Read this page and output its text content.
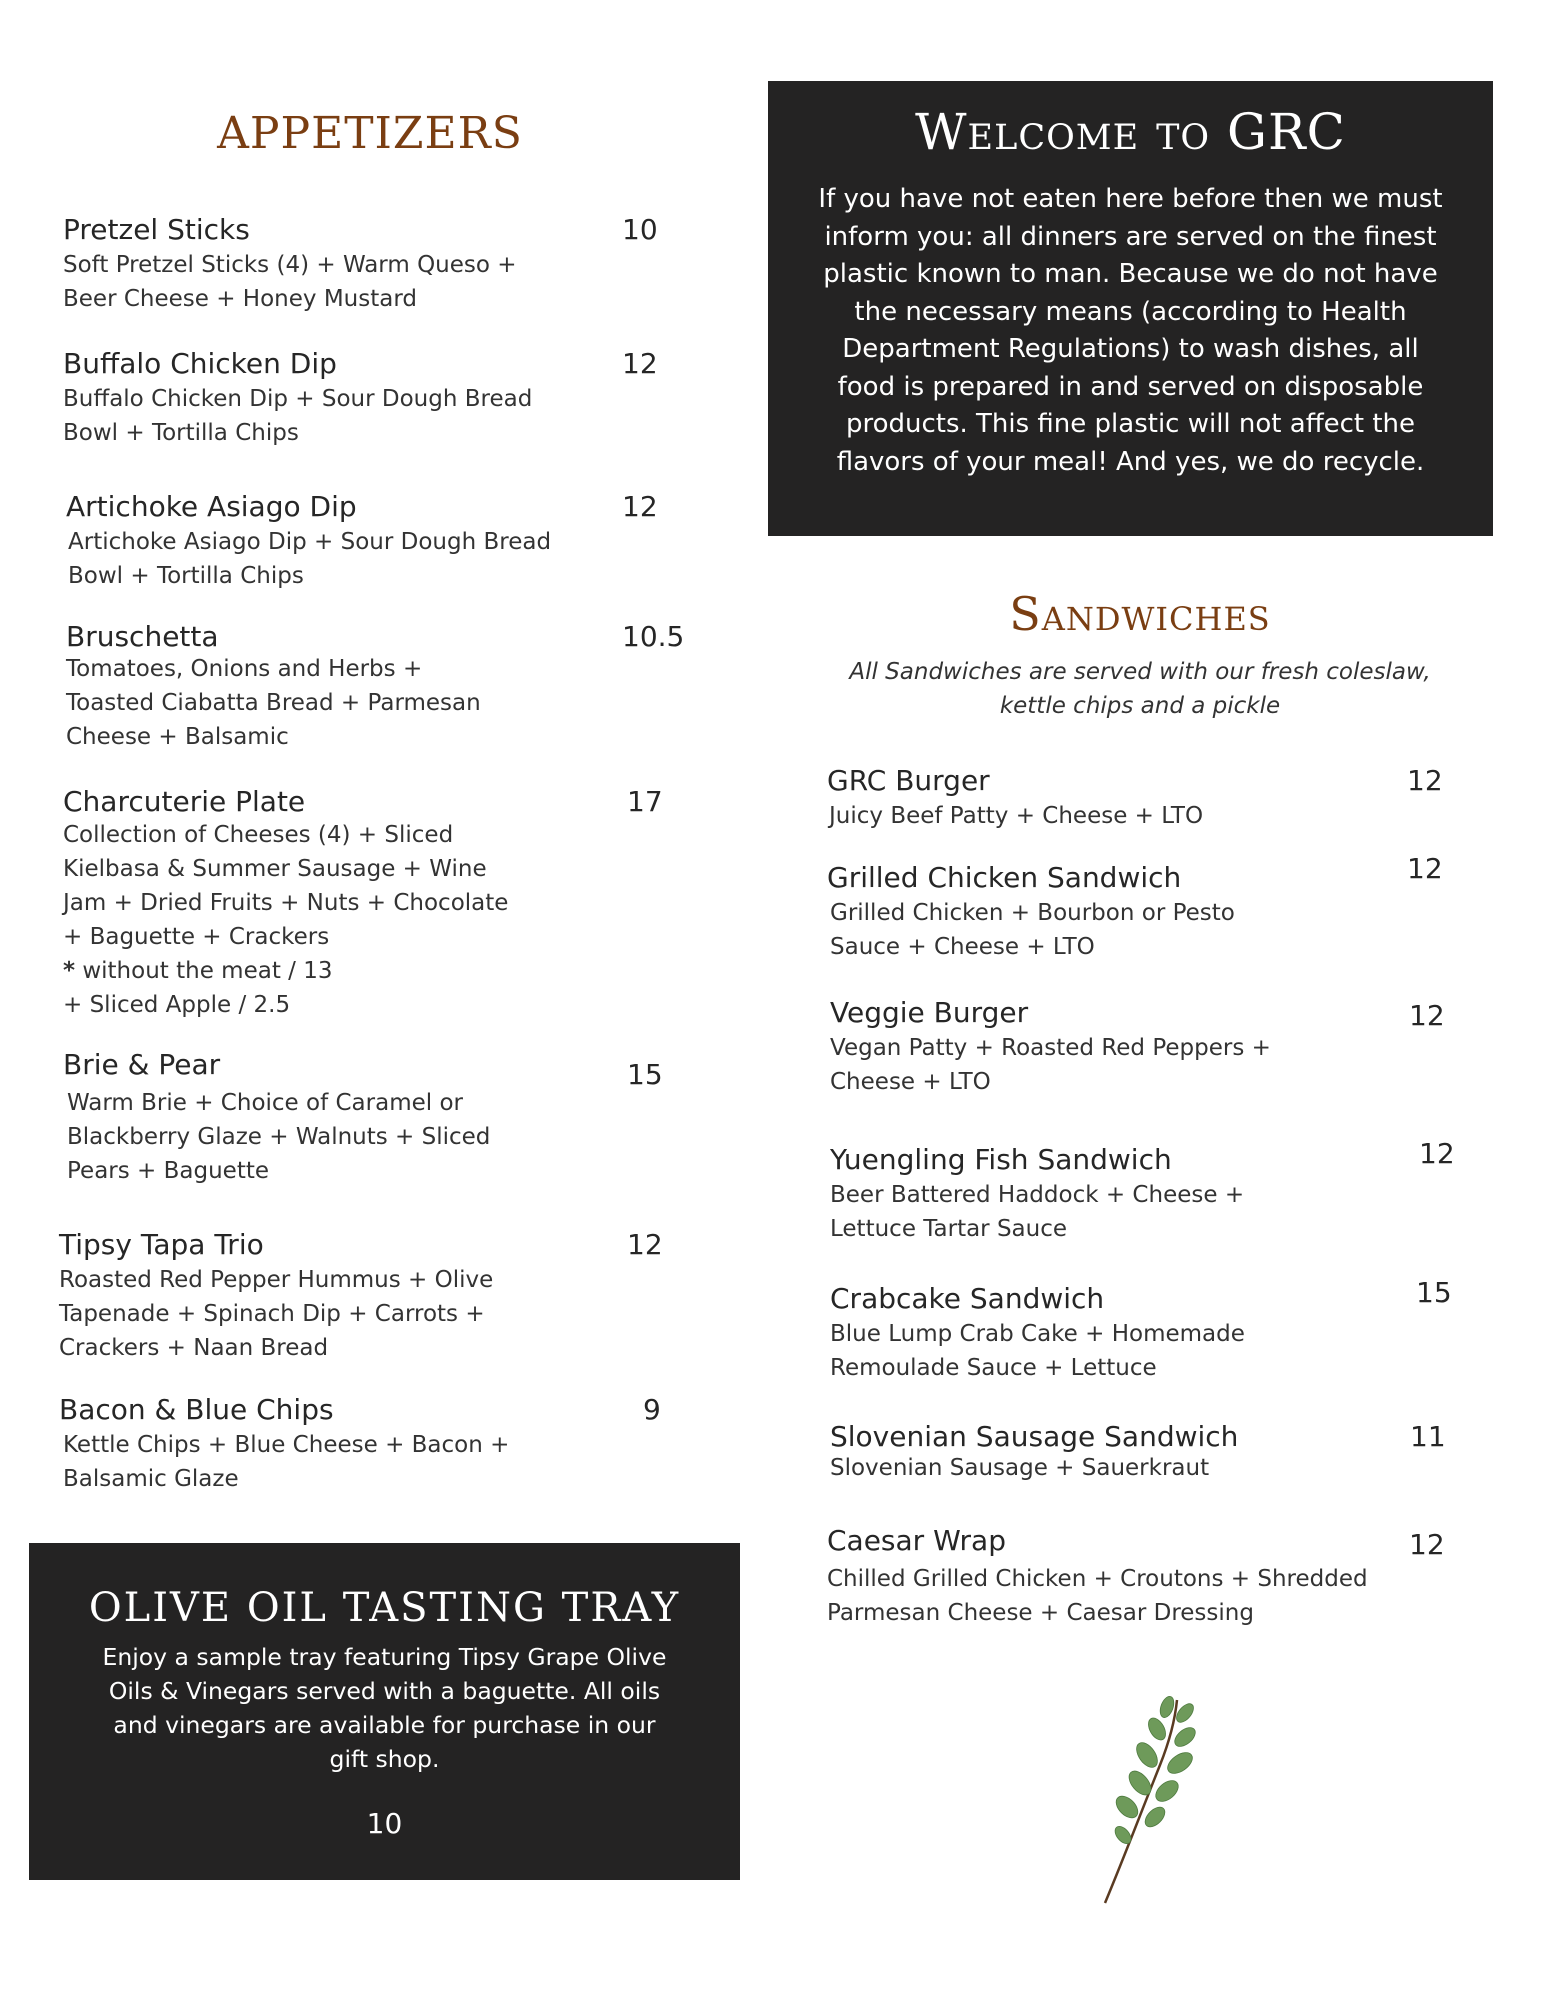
APPETIZERS
Pretzel Sticks	10
Soft Pretzel Sticks (4) + Warm Queso +
Beer Cheese + Honey Mustard
Buffalo Chicken Dip	12
Buffalo Chicken Dip + Sour Dough Bread
Bowl + Tortilla Chips
Artichoke Asiago Dip	12
Artichoke Asiago Dip + Sour Dough Bread
Bowl + Tortilla Chips
Bruschetta	10.5
Tomatoes, Onions and Herbs +
Toasted Ciabatta Bread + Parmesan
Cheese + Balsamic
Charcuterie Plate	17
Collection of Cheeses (4) + Sliced
Kielbasa & Summer Sausage + Wine
Jam + Dried Fruits + Nuts + Chocolate
+ Baguette + Crackers
* without the meat / 13
+ Sliced Apple / 2.5
Brie & Pear	15
Warm Brie + Choice of Caramel or
Blackberry Glaze + Walnuts + Sliced
Pears + Baguette
Tipsy Tapa Trio	12
Roasted Red Pepper Hummus + Olive
Tapenade + Spinach Dip + Carrots +
Crackers + Naan Bread
Bacon & Blue Chips	9
Kettle Chips + Blue Cheese + Bacon +
Balsamic Glaze
Welcome to GRC
If you have not eaten here before then we must
inform you: all dinners are served on the finest
plastic known to man. Because we do not have
the necessary means (according to Health
Department Regulations) to wash dishes, all
food is prepared in and served on disposable
products. This fine plastic will not affect the
flavors of your meal! And yes, we do recycle.
Sandwiches
All Sandwiches are served with our fresh coleslaw,
kettle chips and a pickle
GRC Burger	12
Juicy Beef Patty + Cheese + LTO
Grilled Chicken Sandwich	12
Grilled Chicken + Bourbon or Pesto
Sauce + Cheese + LTO
Veggie Burger	12
Vegan Patty + Roasted Red Peppers +
Cheese + LTO
Yuengling Fish Sandwich	12
Beer Battered Haddock + Cheese +
Lettuce Tartar Sauce
Crabcake Sandwich	15
Blue Lump Crab Cake + Homemade
Remoulade Sauce + Lettuce
Slovenian Sausage Sandwich	11
Slovenian Sausage + Sauerkraut
Caesar Wrap	12
Chilled Grilled Chicken + Croutons + Shredded
Parmesan Cheese + Caesar Dressing
OLIVE OIL TASTING TRAY
Enjoy a sample tray featuring Tipsy Grape Olive
Oils & Vinegars served with a baguette. All oils
and vinegars are available for purchase in our
gift shop.
10
